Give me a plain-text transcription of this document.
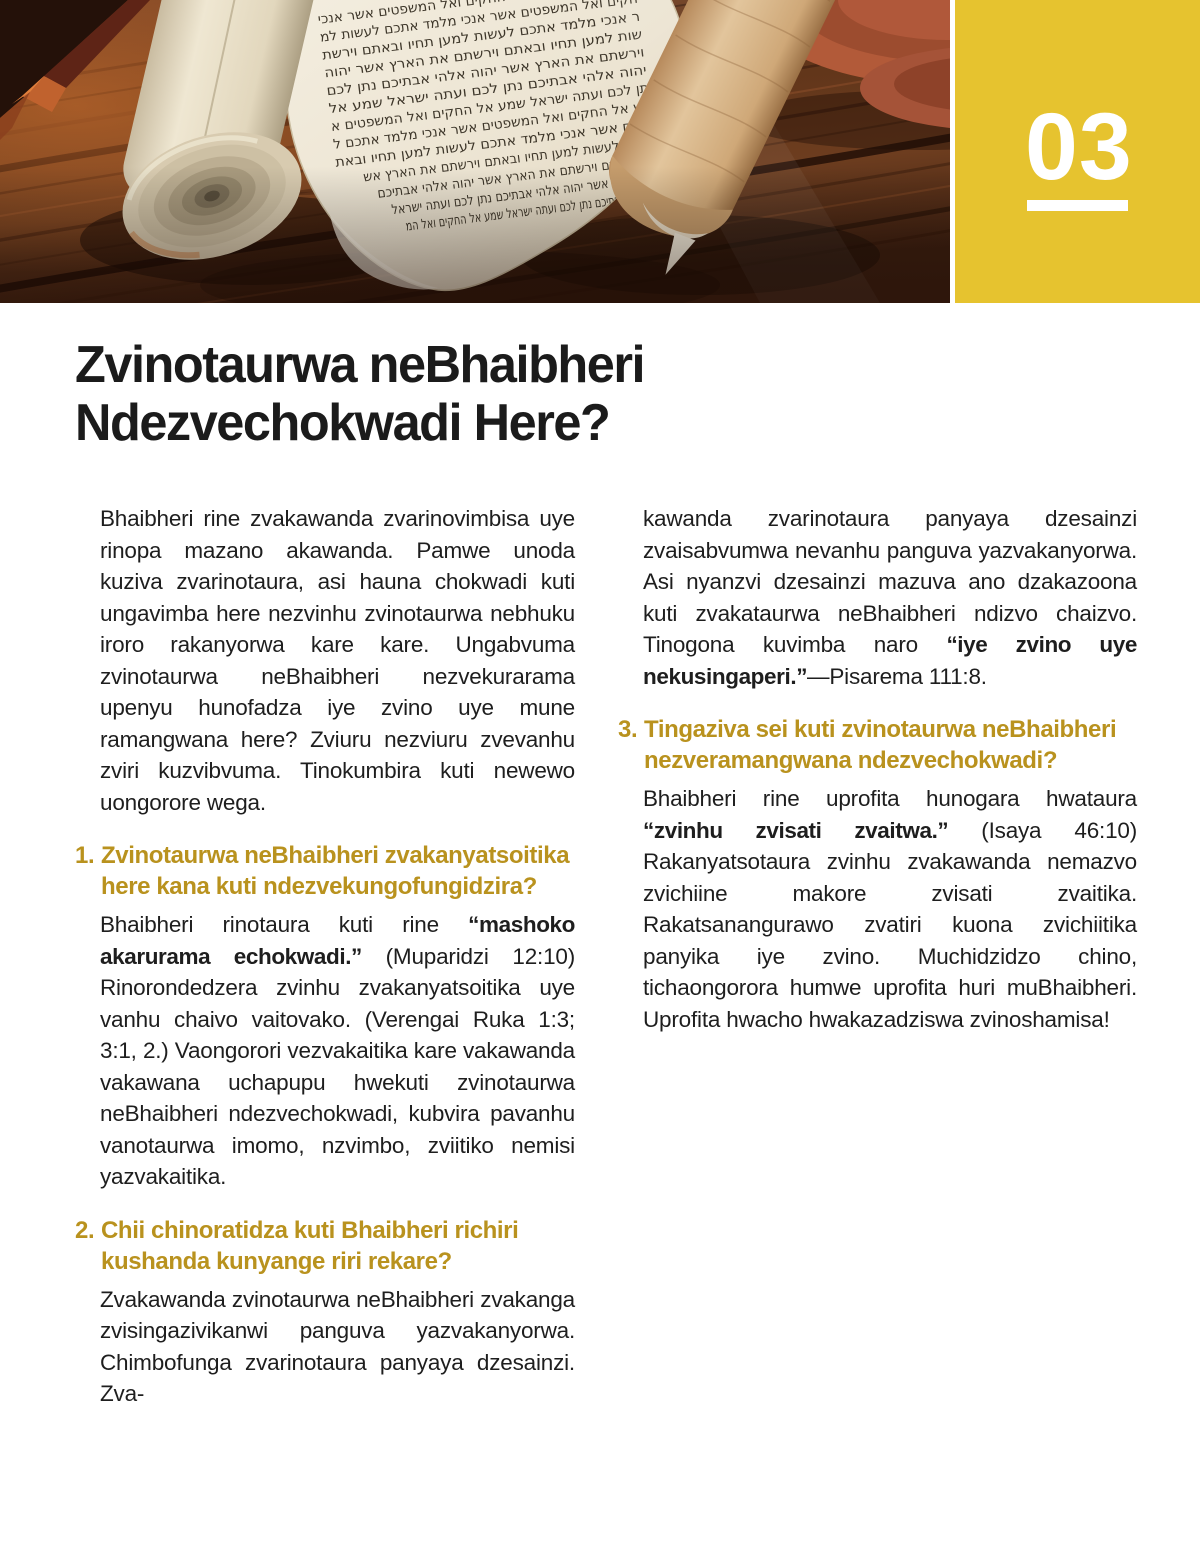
03
Zvinotaurwa neBhaibheri
Ndezvechokwadi Here?

Bhaibheri rine zvakawanda zvarinovimbisa uye rinopa mazano akawanda. Pamwe unoda kuziva zvarinotaura, asi hauna chokwadi kuti ungavimba here nezvinhu zvinotaurwa nebhuku iroro rakanyorwa kare kare. Ungabvuma zvinotaurwa neBhaibheri nezvekurarama upenyu hunofadza iye zvino uye mune ramangwana here? Zviuru nezviuru zvevanhu zviri kuzvibvuma. Tinokumbira kuti newewo uongorore wega.

1. Zvinotaurwa neBhaibheri zvakanyatsoitika here kana kuti ndezvekungofungidzira?

Bhaibheri rinotaura kuti rine “mashoko akarurama echokwadi.” (Muparidzi 12:10) Rinorondedzera zvinhu zvakanyatsoitika uye vanhu chaivo vaitovako. (Verengai Ruka 1:3; 3:1, 2.) Vaongorori vezvakaitika kare vakawanda vakawana uchapupu hwekuti zvinotaurwa neBhaibheri ndezvechokwadi, kubvira pavanhu vanotaurwa imomo, nzvimbo, zviitiko nemisi yazvakaitika.

2. Chii chinoratidza kuti Bhaibheri richiri kushanda kunyange riri rekare?

Zvakawanda zvinotaurwa neBhaibheri zvakanga zvisingazivikanwi panguva yazvakanyorwa. Chimbofunga zvarinotaura panyaya dzesainzi. Zva-

kawanda zvarinotaura panyaya dzesainzi zvaisabvumwa nevanhu panguva yazvakanyorwa. Asi nyanzvi dzesainzi mazuva ano dzakazoona kuti zvakataurwa neBhaibheri ndizvo chaizvo. Tinogona kuvimba naro “iye zvino uye nekusingaperi.”—Pisarema 111:8.

3. Tingaziva sei kuti zvinotaurwa neBhaibheri nezveramangwana ndezvechokwadi?

Bhaibheri rine uprofita hunogara hwataura “zvinhu zvisati zvaitwa.” (Isaya 46:10) Rakanyatsotaura zvinhu zvakawanda nemazvo zvichiine makore zvisati zvaitika. Rakatsanangurawo zvatiri kuona zvichiitika panyika iye zvino. Muchidzidzo chino, tichaongorora humwe uprofita huri muBhaibheri. Uprofita hwacho hwakazadziswa zvinoshamisa!
